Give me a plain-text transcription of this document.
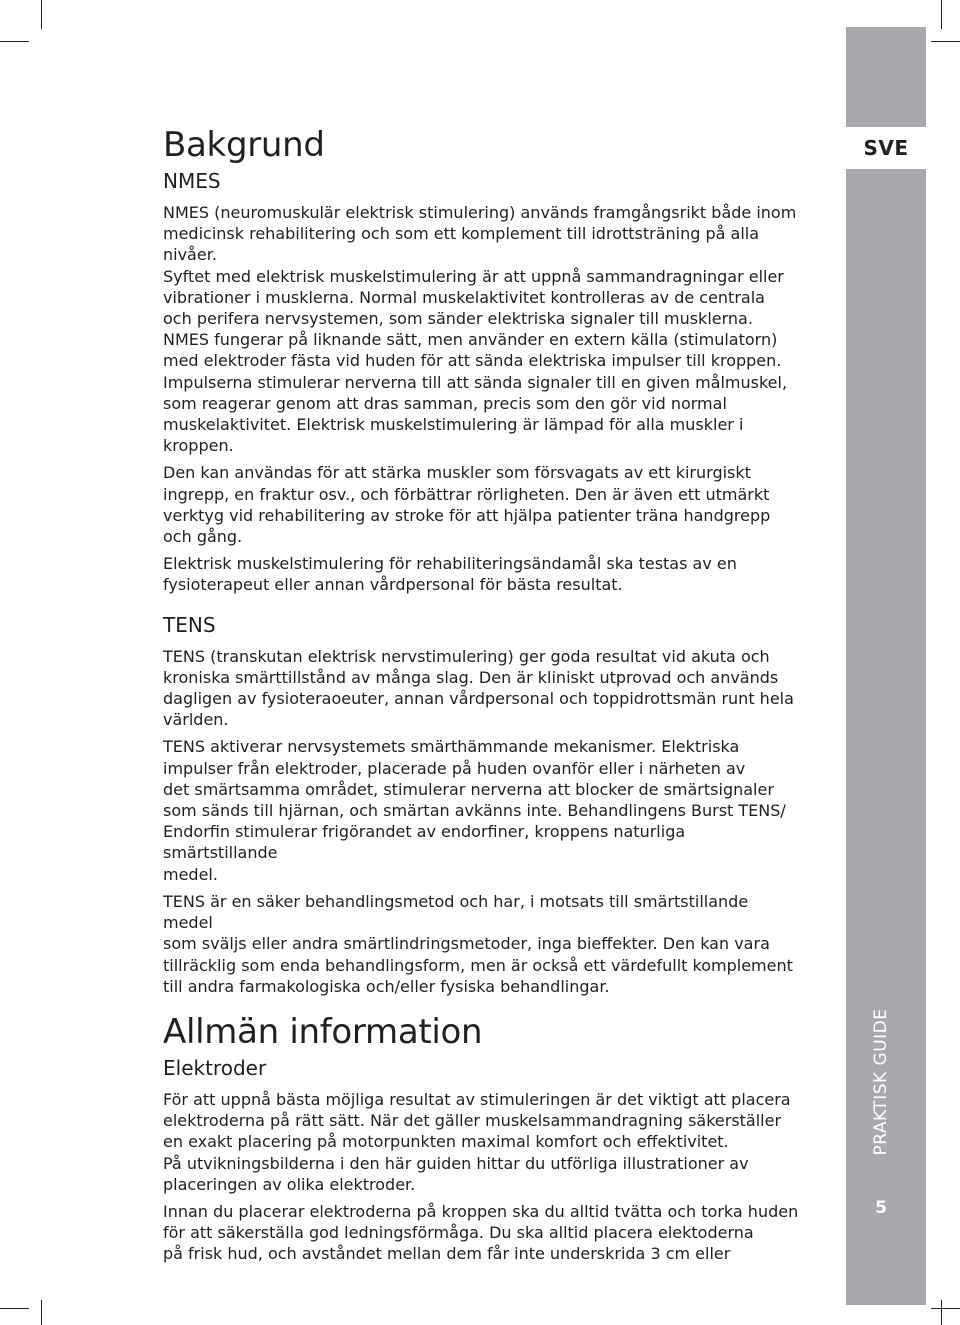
SVE
PRAKTISK GUIDE
5
Bakgrund
NMES

NMES (neuromuskulär elektrisk stimulering) används framgångsrikt både inom
medicinsk rehabilitering och som ett komplement till idrottsträning på alla
nivåer.

Syftet med elektrisk muskelstimulering är att uppnå sammandragningar eller
vibrationer i musklerna. Normal muskelaktivitet kontrolleras av de centrala
och perifera nervsystemen, som sänder elektriska signaler till musklerna.
NMES fungerar på liknande sätt, men använder en extern källa (stimulatorn)
med elektroder fästa vid huden för att sända elektriska impulser till kroppen.
Impulserna stimulerar nerverna till att sända signaler till en given målmuskel,
som reagerar genom att dras samman, precis som den gör vid normal
muskelaktivitet. Elektrisk muskelstimulering är lämpad för alla muskler i
kroppen.

Den kan användas för att stärka muskler som försvagats av ett kirurgiskt
ingrepp, en fraktur osv., och förbättrar rörligheten. Den är även ett utmärkt
verktyg vid rehabilitering av stroke för att hjälpa patienter träna handgrepp
och gång.

Elektrisk muskelstimulering för rehabiliteringsändamål ska testas av en
fysioterapeut eller annan vårdpersonal för bästa resultat.

TENS

TENS (transkutan elektrisk nervstimulering) ger goda resultat vid akuta och
kroniska smärttillstånd av många slag. Den är kliniskt utprovad och används
dagligen av fysioteraoeuter, annan vårdpersonal och toppidrottsmän runt hela
världen.

TENS aktiverar nervsystemets smärthämmande mekanismer. Elektriska
impulser från elektroder, placerade på huden ovanför eller i närheten av
det smärtsamma området, stimulerar nerverna att blocker de smärtsignaler
som sänds till hjärnan, och smärtan avkänns inte. Behandlingens Burst TENS/
Endorfin stimulerar frigörandet av endorfiner, kroppens naturliga smärtstillande
medel.

TENS är en säker behandlingsmetod och har, i motsats till smärtstillande medel
som sväljs eller andra smärtlindringsmetoder, inga bieffekter. Den kan vara
tillräcklig som enda behandlingsform, men är också ett värdefullt komplement
till andra farmakologiska och/eller fysiska behandlingar.

Allmän information
Elektroder

För att uppnå bästa möjliga resultat av stimuleringen är det viktigt att placera
elektroderna på rätt sätt. När det gäller muskelsammandragning säkerställer
en exakt placering på motorpunkten maximal komfort och effektivitet.
På utvikningsbilderna i den här guiden hittar du utförliga illustrationer av
placeringen av olika elektroder.

Innan du placerar elektroderna på kroppen ska du alltid tvätta och torka huden
för att säkerställa god ledningsförmåga. Du ska alltid placera elektoderna
på frisk hud, och avståndet mellan dem får inte underskrida 3 cm eller
